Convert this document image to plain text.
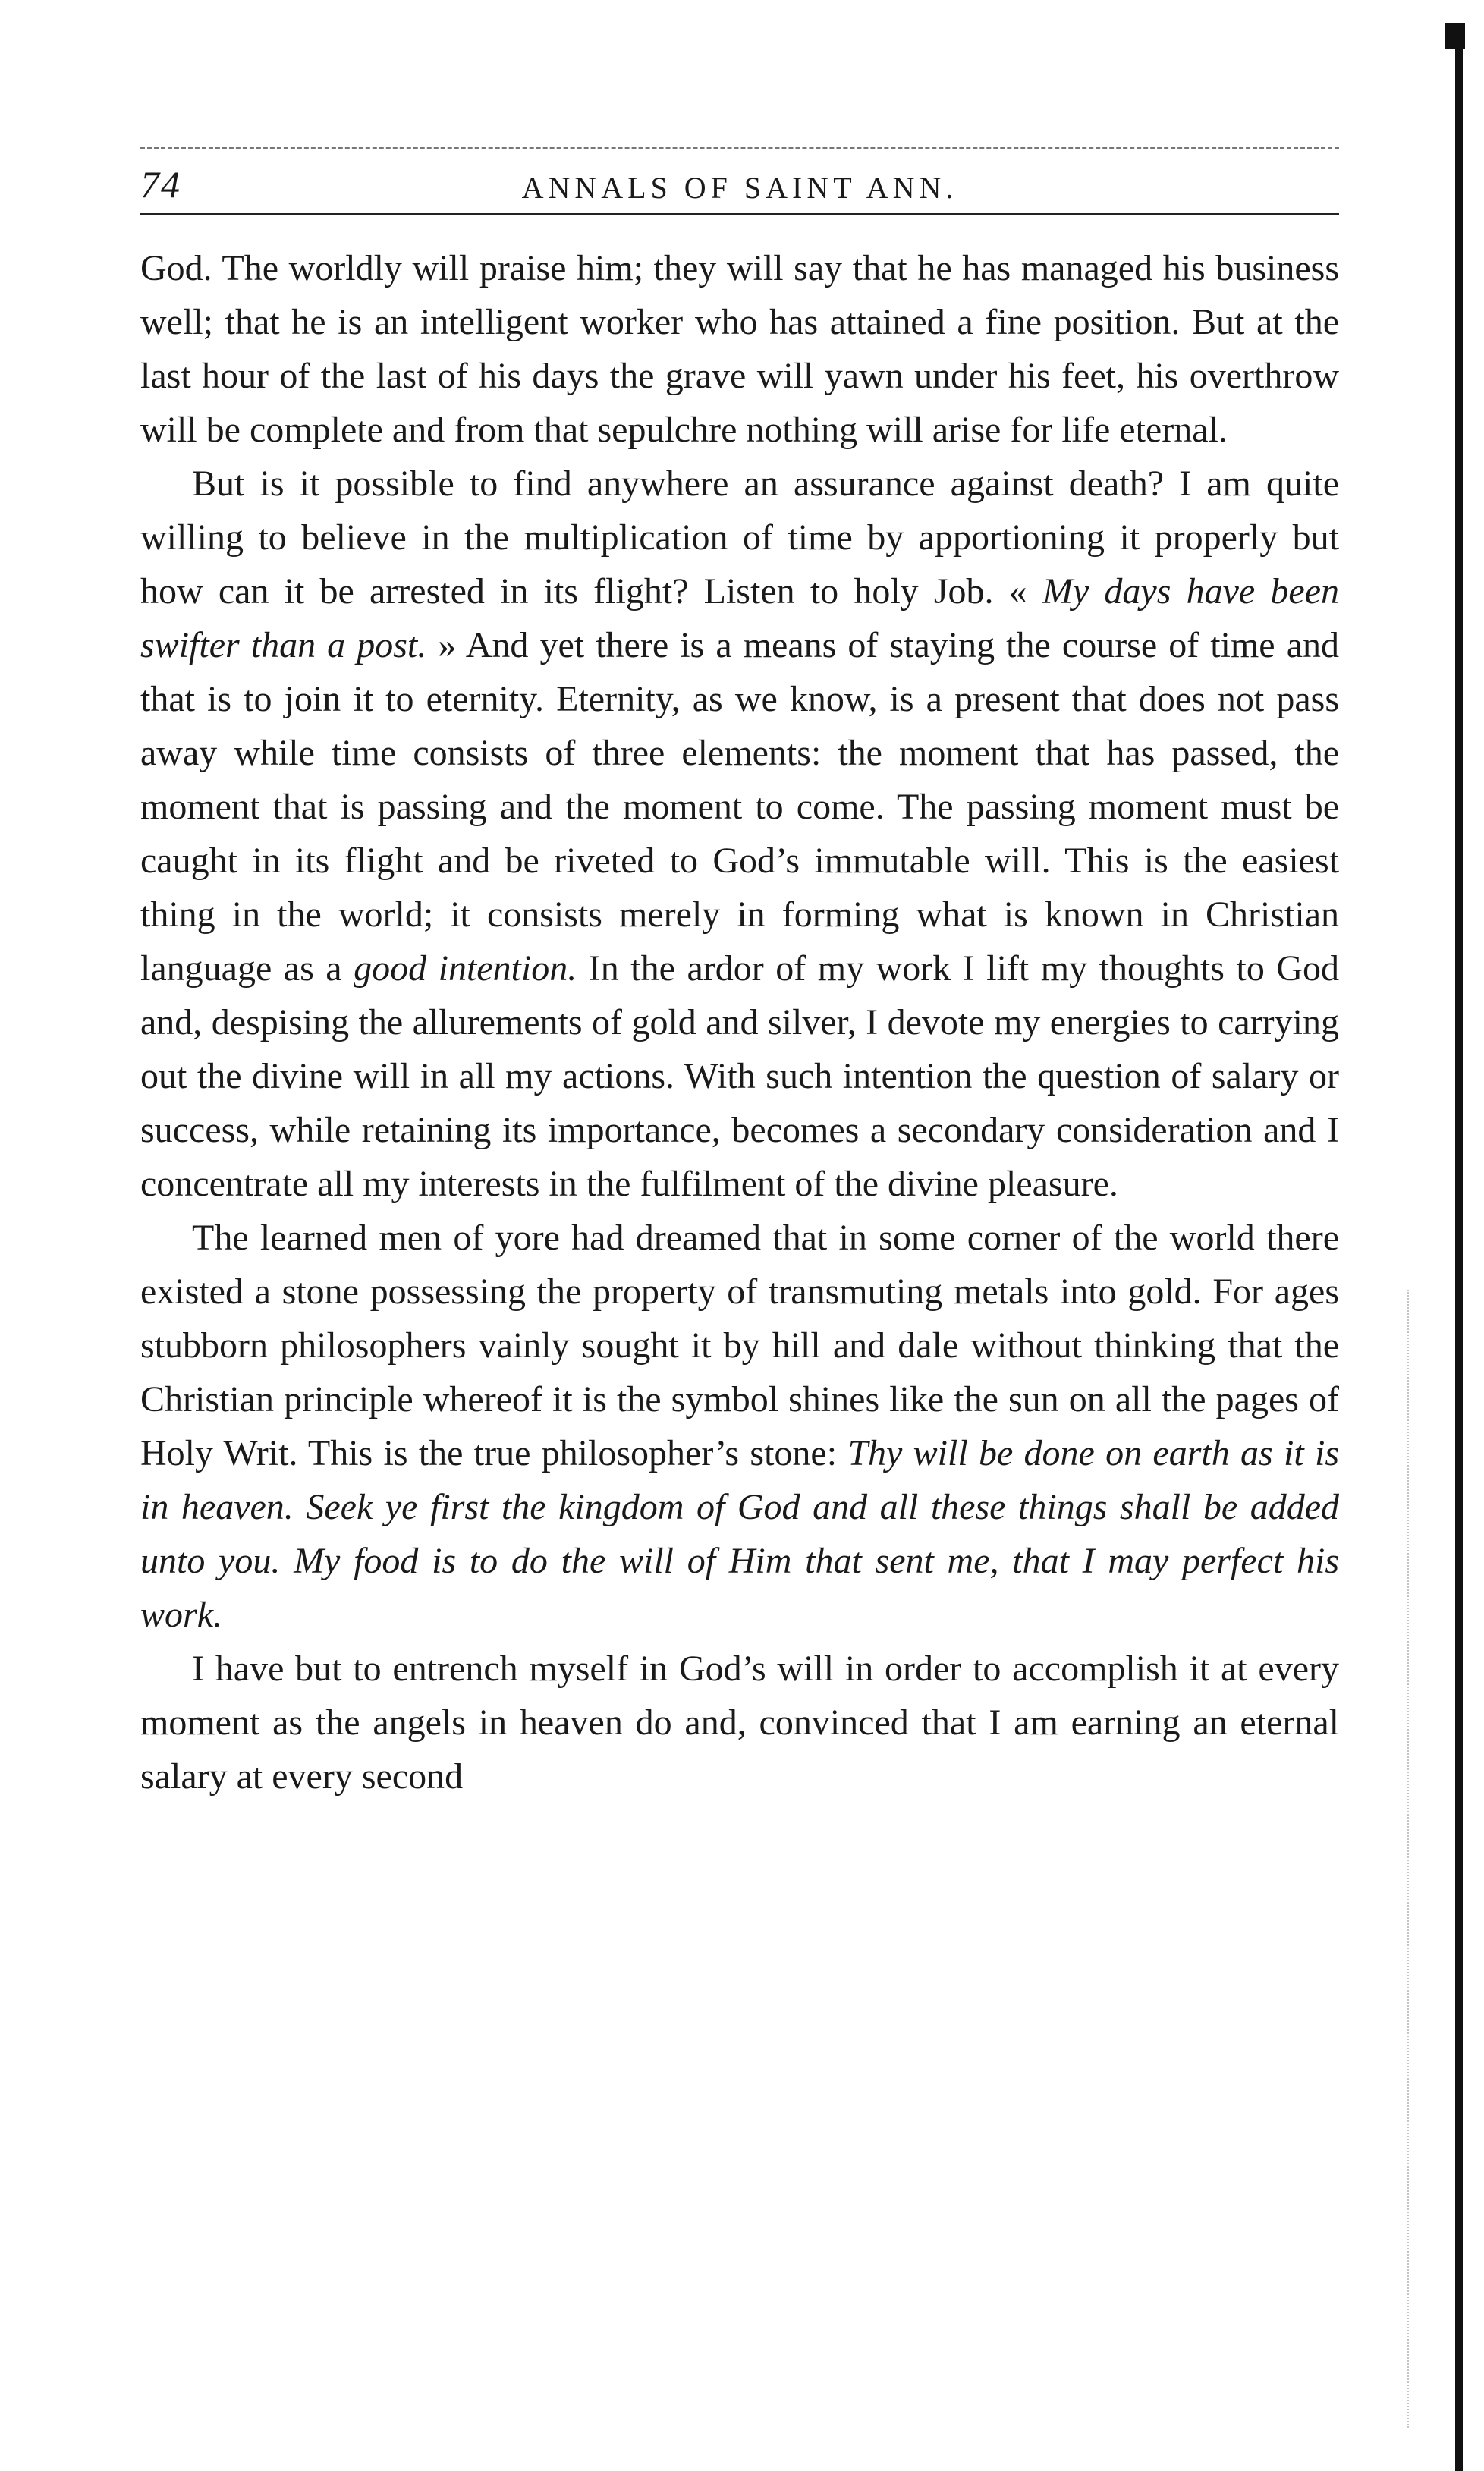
74	ANNALS OF SAINT ANN.

God. The worldly will praise him; they will say that he has managed his business well; that he is an intelligent worker who has attained a fine position. But at the last hour of the last of his days the grave will yawn under his feet, his overthrow will be complete and from that sepulchre nothing will arise for life eternal.

But is it possible to find anywhere an assurance against death? I am quite willing to believe in the multiplication of time by apportioning it properly but how can it be arrested in its flight? Listen to holy Job. « My days have been swifter than a post. » And yet there is a means of staying the course of time and that is to join it to eternity. Eternity, as we know, is a present that does not pass away while time consists of three elements: the moment that has passed, the moment that is passing and the moment to come. The passing moment must be caught in its flight and be riveted to God’s immutable will. This is the easiest thing in the world; it consists merely in forming what is known in Christian language as a good intention. In the ardor of my work I lift my thoughts to God and, despising the allurements of gold and silver, I devote my energies to carrying out the divine will in all my actions. With such intention the question of salary or success, while retaining its importance, becomes a secondary consideration and I concentrate all my interests in the fulfilment of the divine pleasure.

The learned men of yore had dreamed that in some corner of the world there existed a stone possessing the property of transmuting metals into gold. For ages stubborn philosophers vainly sought it by hill and dale without thinking that the Christian principle whereof it is the symbol shines like the sun on all the pages of Holy Writ. This is the true philosopher’s stone: Thy will be done on earth as it is in heaven. Seek ye first the kingdom of God and all these things shall be added unto you. My food is to do the will of Him that sent me, that I may perfect his work.

I have but to entrench myself in God’s will in order to accomplish it at every moment as the angels in heaven do and, convinced that I am earning an eternal salary at every second
